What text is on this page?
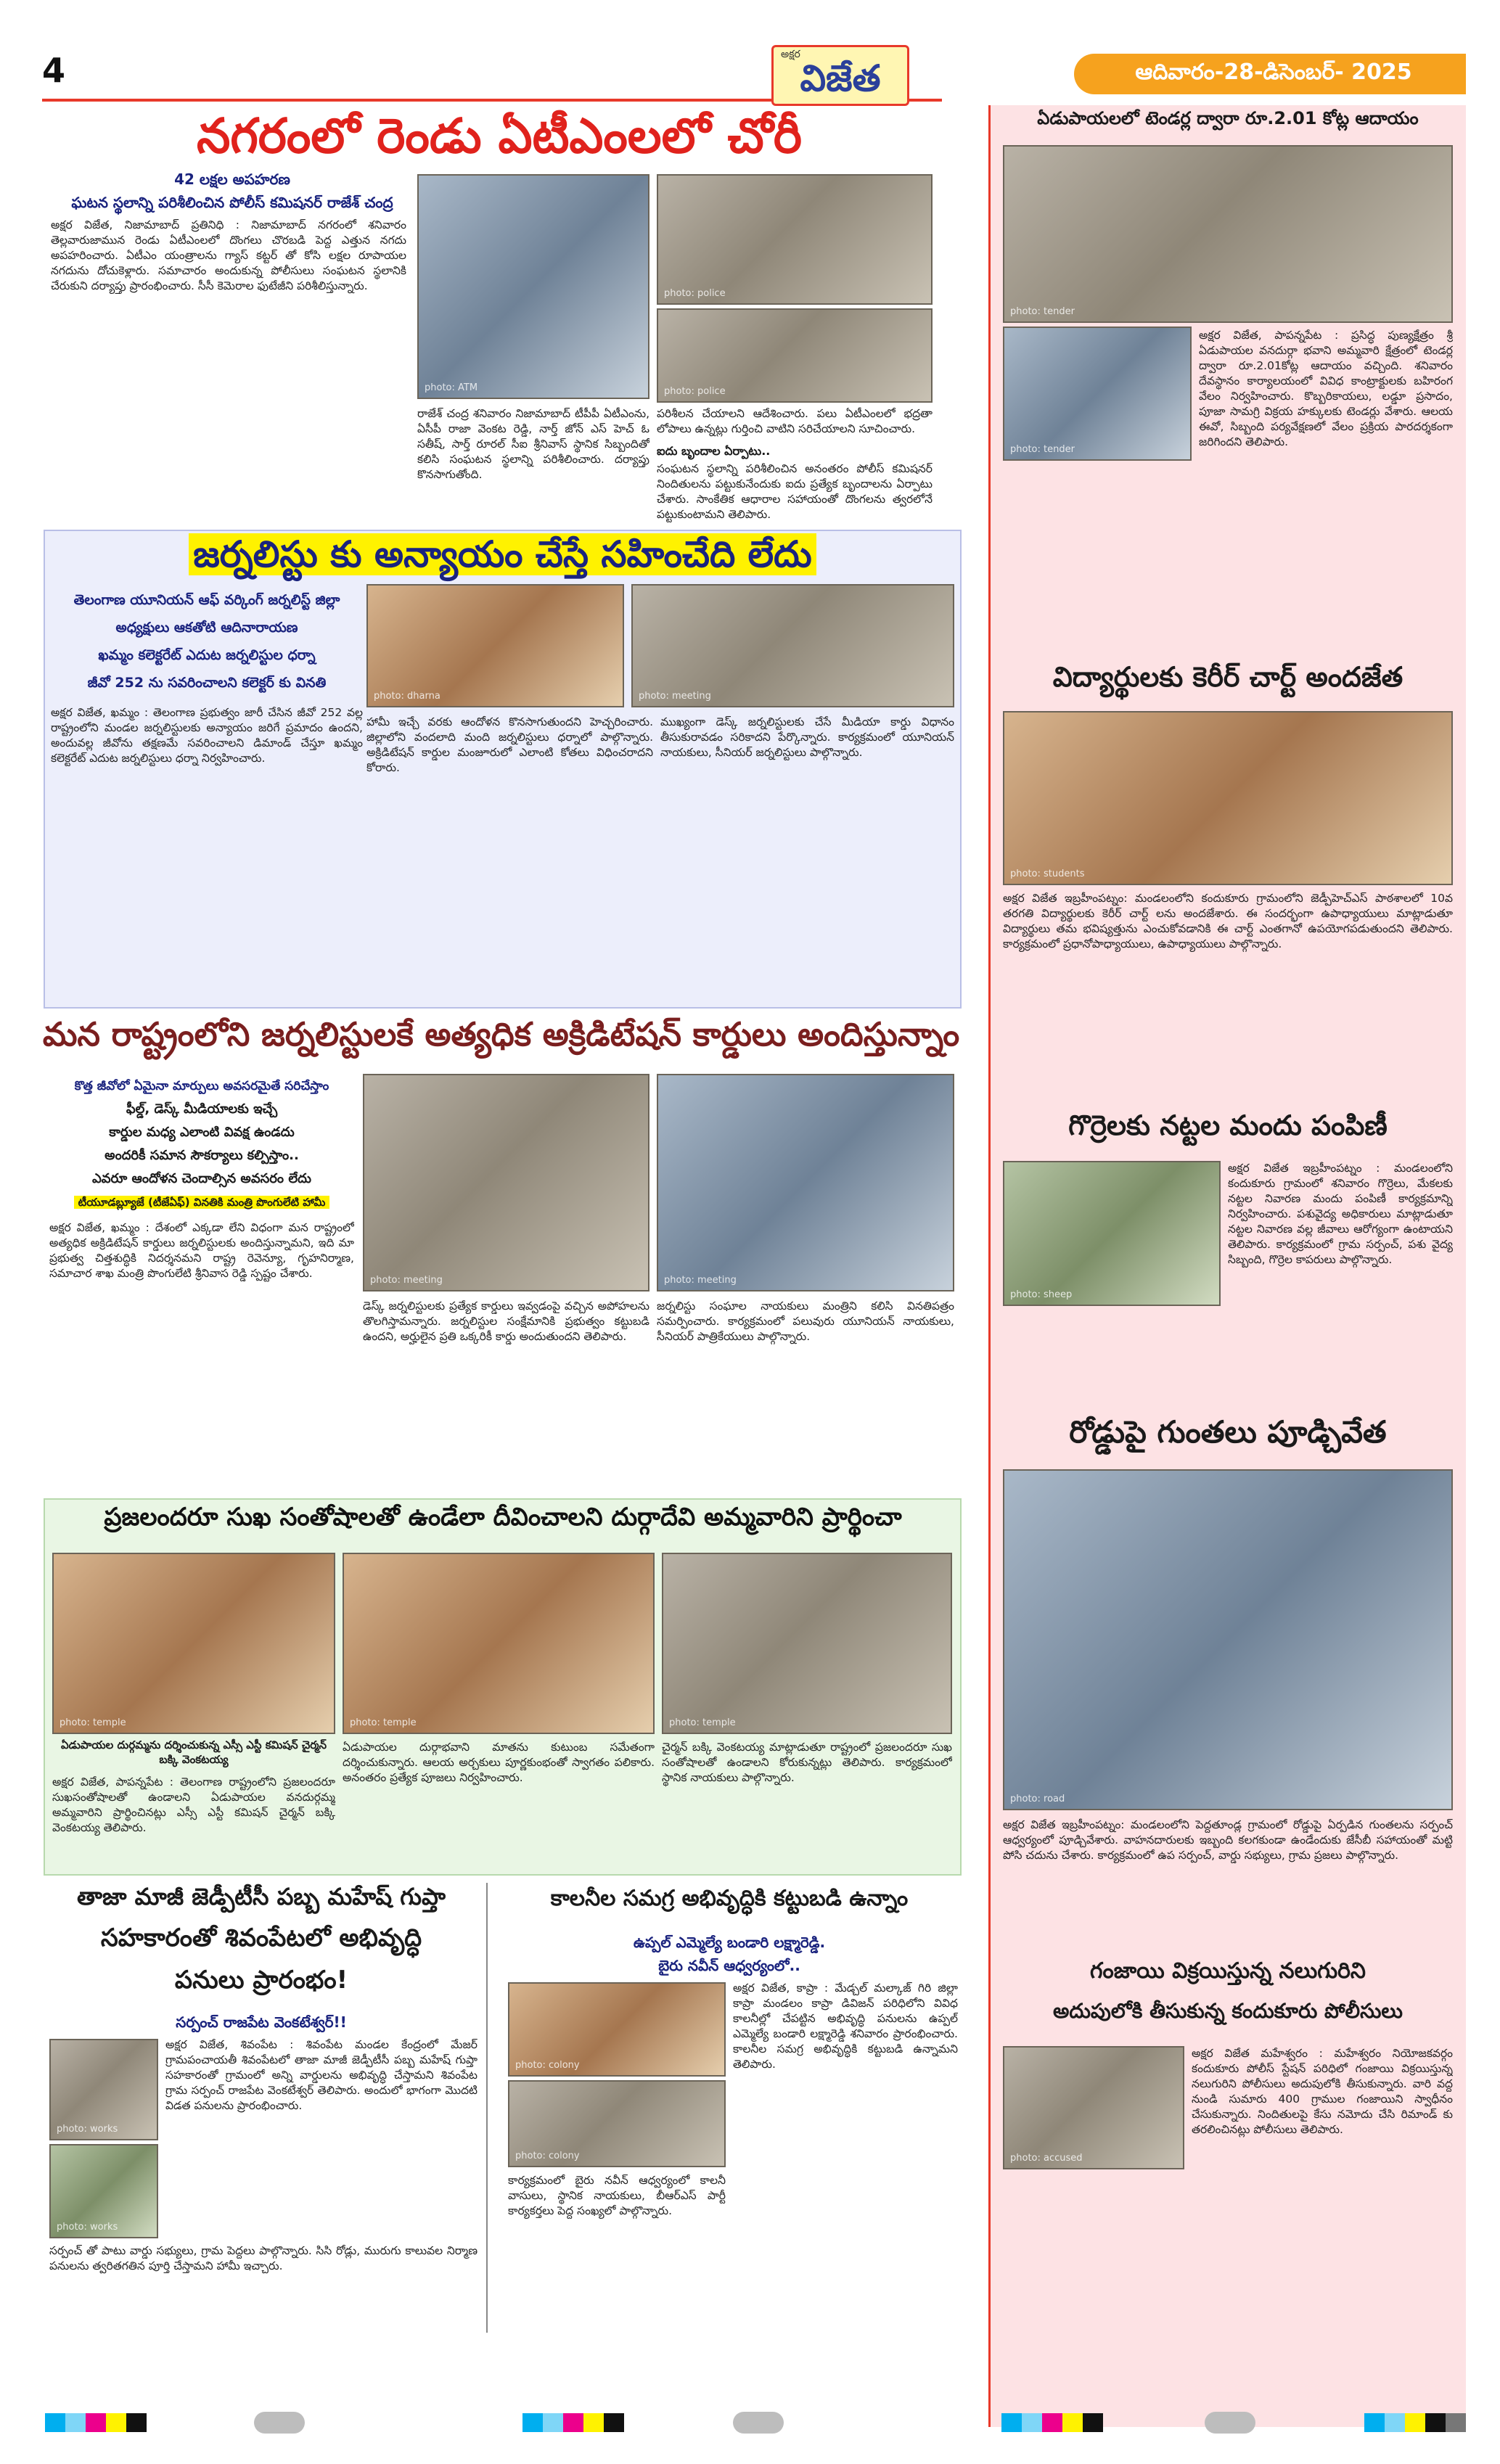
4	అక్షర
విజేత	ఆదివారం-28-డిసెంబర్- 2025
నగరంలో రెండు ఏటీఎంలలో చోరీ
42 లక్షల అపహరణ
ఘటన స్థలాన్ని పరిశీలించిన పోలీస్ కమిషనర్ రాజేశ్ చంద్ర
అక్షర విజేత, నిజామాబాద్ ప్రతినిధి : నిజామాబాద్ నగరంలో శనివారం తెల్లవారుజామున రెండు ఏటీఎంలలో దొంగలు చొరబడి పెద్ద ఎత్తున నగదు అపహరించారు. ఏటీఎం యంత్రాలను గ్యాస్ కట్టర్ తో కోసి లక్షల రూపాయల నగదును దోచుకెళ్లారు. సమాచారం అందుకున్న పోలీసులు సంఘటన స్థలానికి చేరుకుని దర్యాప్తు ప్రారంభించారు. సీసీ కెమెరాల ఫుటేజీని పరిశీలిస్తున్నారు.
photo: ATM
photo: police
photo: police
రాజేశ్ చంద్ర శనివారం నిజామాబాద్ టీపీపీ ఏటీఎంను, ఏసీపీ రాజా వెంకట రెడ్డి, నార్త్ జోన్ ఎస్ హెచ్ ఓ సతీష్, సార్త్ రూరల్ సీఐ శ్రీనివాస్ స్థానిక సిబ్బందితో కలిసి సంఘటన స్థలాన్ని పరిశీలించారు. దర్యాప్తు కొనసాగుతోంది.
పరిశీలన చేయాలని ఆదేశించారు. పలు ఏటీఎంలలో భద్రతా లోపాలు ఉన్నట్లు గుర్తించి వాటిని సరిచేయాలని సూచించారు.
ఐదు బృందాల ఏర్పాటు..
సంఘటన స్థలాన్ని పరిశీలించిన అనంతరం పోలీస్ కమిషనర్ నిందితులను పట్టుకునేందుకు ఐదు ప్రత్యేక బృందాలను ఏర్పాటు చేశారు. సాంకేతిక ఆధారాల సహాయంతో దొంగలను త్వరలోనే పట్టుకుంటామని తెలిపారు.
జర్నలిస్టు కు అన్యాయం చేస్తే సహించేది లేదు
తెలంగాణ యూనియన్ ఆఫ్ వర్కింగ్ జర్నలిస్ట్ జిల్లా
అధ్యక్షులు ఆకతోటి ఆదినారాయణ
ఖమ్మం కలెక్టరేట్ ఎదుట జర్నలిస్టుల ధర్నా
జీవో 252 ను సవరించాలని కలెక్టర్ కు వినతి
photo: dharna	photo: meeting
అక్షర విజేత, ఖమ్మం : తెలంగాణ ప్రభుత్వం జారీ చేసిన జీవో 252 వల్ల రాష్ట్రంలోని మండల జర్నలిస్టులకు అన్యాయం జరిగే ప్రమాదం ఉందని, అందువల్ల జీవోను తక్షణమే సవరించాలని డిమాండ్ చేస్తూ ఖమ్మం కలెక్టరేట్ ఎదుట జర్నలిస్టులు ధర్నా నిర్వహించారు.
హామీ ఇచ్చే వరకు ఆందోళన కొనసాగుతుందని హెచ్చరించారు. జిల్లాలోని వందలాది మంది జర్నలిస్టులు ధర్నాలో పాల్గొన్నారు. అక్రిడిటేషన్ కార్డుల మంజూరులో ఎలాంటి కోతలు విధించరాదని కోరారు.
ముఖ్యంగా డెస్క్ జర్నలిస్టులకు చేసే మీడియా కార్డు విధానం తీసుకురావడం సరికాదని పేర్కొన్నారు. కార్యక్రమంలో యూనియన్ నాయకులు, సీనియర్ జర్నలిస్టులు పాల్గొన్నారు.
మన రాష్ట్రంలోని జర్నలిస్టులకే అత్యధిక అక్రిడిటేషన్ కార్డులు అందిస్తున్నాం
కొత్త జీవోలో ఏమైనా మార్పులు అవసరమైతే సరిచేస్తాం
ఫీల్డ్, డెస్క్ మీడియాలకు ఇచ్చే
కార్డుల మధ్య ఎలాంటి వివక్ష ఉండదు
అందరికీ సమాన సౌకర్యాలు కల్పిస్తాం..
ఎవరూ ఆందోళన చెందాల్సిన అవసరం లేదు
టీయూడబ్ల్యూజే (టీజేఏఫ్) వినతికి మంత్రి పొంగులేటి హామీ
అక్షర విజేత, ఖమ్మం : దేశంలో ఎక్కడా లేని విధంగా మన రాష్ట్రంలో అత్యధిక అక్రిడిటేషన్ కార్డులు జర్నలిస్టులకు అందిస్తున్నామని, ఇది మా ప్రభుత్వ చిత్తశుద్ధికి నిదర్శనమని రాష్ట్ర రెవెన్యూ, గృహనిర్మాణ, సమాచార శాఖ మంత్రి పొంగులేటి శ్రీనివాస రెడ్డి స్పష్టం చేశారు.
photo: meeting	photo: meeting
డెస్క్ జర్నలిస్టులకు ప్రత్యేక కార్డులు ఇవ్వడంపై వచ్చిన అపోహలను తొలగిస్తామన్నారు. జర్నలిస్టుల సంక్షేమానికి ప్రభుత్వం కట్టుబడి ఉందని, అర్హులైన ప్రతి ఒక్కరికీ కార్డు అందుతుందని తెలిపారు.
జర్నలిస్టు సంఘాల నాయకులు మంత్రిని కలిసి వినతిపత్రం సమర్పించారు. కార్యక్రమంలో పలువురు యూనియన్ నాయకులు, సీనియర్ పాత్రికేయులు పాల్గొన్నారు.
ప్రజలందరూ సుఖ సంతోషాలతో ఉండేలా దీవించాలని దుర్గాదేవి అమ్మవారిని ప్రార్థించా
photo: temple	photo: temple	photo: temple
ఏడుపాయల దుర్గమ్మను దర్శించుకున్న ఎస్సీ ఎస్టీ కమిషన్ చైర్మన్ బక్కి వెంకటయ్య
అక్షర విజేత, పాపన్నపేట : తెలంగాణ రాష్ట్రంలోని ప్రజలందరూ సుఖసంతోషాలతో ఉండాలని ఏడుపాయల వనదుర్గమ్మ అమ్మవారిని ప్రార్థించినట్లు ఎస్సీ ఎస్టీ కమిషన్ చైర్మన్ బక్కి వెంకటయ్య తెలిపారు.
ఏడుపాయల దుర్గాభవాని మాతను కుటుంబ సమేతంగా దర్శించుకున్నారు. ఆలయ అర్చకులు పూర్ణకుంభంతో స్వాగతం పలికారు. అనంతరం ప్రత్యేక పూజలు నిర్వహించారు.
చైర్మన్ బక్కి వెంకటయ్య మాట్లాడుతూ రాష్ట్రంలో ప్రజలందరూ సుఖ సంతోషాలతో ఉండాలని కోరుకున్నట్లు తెలిపారు. కార్యక్రమంలో స్థానిక నాయకులు పాల్గొన్నారు.
తాజా మాజీ జెడ్పీటీసీ పబ్బ మహేష్ గుప్తా
సహకారంతో శివంపేటలో అభివృద్ధి
పనులు ప్రారంభం!
సర్పంచ్ రాజపేట వెంకటేశ్వర్!!
photo: works
photo: works
అక్షర విజేత, శివంపేట : శివంపేట మండల కేంద్రంలో మేజర్ గ్రామపంచాయతీ శివంపేటలో తాజా మాజీ జెడ్పీటీసీ పబ్బ మహేష్ గుప్తా సహకారంతో గ్రామంలో అన్ని వార్డులను అభివృద్ధి చేస్తామని శివంపేట గ్రామ సర్పంచ్ రాజపేట వెంకటేశ్వర్ తెలిపారు. అందులో భాగంగా మొదటి విడత పనులను ప్రారంభించారు.
సర్పంచ్ తో పాటు వార్డు సభ్యులు, గ్రామ పెద్దలు పాల్గొన్నారు. సిసి రోడ్లు, మురుగు కాలువల నిర్మాణ పనులను త్వరితగతిన పూర్తి చేస్తామని హామీ ఇచ్చారు.
కాలనీల సమగ్ర అభివృద్ధికి కట్టుబడి ఉన్నాం
ఉప్పల్ ఎమ్మెల్యే బండారి లక్ష్మారెడ్డి.
బైరు నవీన్ ఆధ్వర్యంలో..
photo: colony
photo: colony
అక్షర విజేత, కాప్రా : మేడ్చల్ మల్కాజ్ గిరి జిల్లా కాప్రా మండలం కాప్రా డివిజన్ పరిధిలోని వివిధ కాలనీల్లో చేపట్టిన అభివృద్ధి పనులను ఉప్పల్ ఎమ్మెల్యే బండారి లక్ష్మారెడ్డి శనివారం ప్రారంభించారు. కాలనీల సమగ్ర అభివృద్ధికి కట్టుబడి ఉన్నామని తెలిపారు.
కార్యక్రమంలో బైరు నవీన్ ఆధ్వర్యంలో కాలనీ వాసులు, స్థానిక నాయకులు, బీఆర్ఎస్ పార్టీ కార్యకర్తలు పెద్ద సంఖ్యలో పాల్గొన్నారు.
ఏడుపాయలలో టెండర్ల ద్వారా రూ.2.01 కోట్ల ఆదాయం
photo: tender
photo: tender
అక్షర విజేత, పాపన్నపేట : ప్రసిద్ధ పుణ్యక్షేత్రం శ్రీ ఏడుపాయల వనదుర్గా భవాని అమ్మవారి క్షేత్రంలో టెండర్ల ద్వారా రూ.2.01కోట్ల ఆదాయం వచ్చింది. శనివారం దేవస్థానం కార్యాలయంలో వివిధ కాంట్రాక్టులకు బహిరంగ వేలం నిర్వహించారు. కొబ్బరికాయలు, లడ్డూ ప్రసాదం, పూజా సామగ్రి విక్రయ హక్కులకు టెండర్లు వేశారు. ఆలయ ఈవో, సిబ్బంది పర్యవేక్షణలో వేలం ప్రక్రియ పారదర్శకంగా జరిగిందని తెలిపారు.
విద్యార్థులకు కెరీర్ చార్ట్ అందజేత
photo: students
అక్షర విజేత ఇబ్రహీంపట్నం: మండలంలోని కందుకూరు గ్రామంలోని జెడ్పీహెచ్ఎస్ పాఠశాలలో 10వ తరగతి విద్యార్థులకు కెరీర్ చార్ట్ లను అందజేశారు. ఈ సందర్భంగా ఉపాధ్యాయులు మాట్లాడుతూ విద్యార్థులు తమ భవిష్యత్తును ఎంచుకోవడానికి ఈ చార్ట్ ఎంతగానో ఉపయోగపడుతుందని తెలిపారు. కార్యక్రమంలో ప్రధానోపాధ్యాయులు, ఉపాధ్యాయులు పాల్గొన్నారు.
గొర్రెలకు నట్టల మందు పంపిణీ
photo: sheep
అక్షర విజేత ఇబ్రహీంపట్నం : మండలంలోని కందుకూరు గ్రామంలో శనివారం గొర్రెలు, మేకలకు నట్టల నివారణ మందు పంపిణీ కార్యక్రమాన్ని నిర్వహించారు. పశువైద్య అధికారులు మాట్లాడుతూ నట్టల నివారణ వల్ల జీవాలు ఆరోగ్యంగా ఉంటాయని తెలిపారు. కార్యక్రమంలో గ్రామ సర్పంచ్, పశు వైద్య సిబ్బంది, గొర్రెల కాపరులు పాల్గొన్నారు.
రోడ్డుపై గుంతలు పూడ్చివేత
photo: road
అక్షర విజేత ఇబ్రహీంపట్నం: మండలంలోని పెద్దతూండ్ల గ్రామంలో రోడ్డుపై ఏర్పడిన గుంతలను సర్పంచ్ ఆధ్వర్యంలో పూడ్చివేశారు. వాహనదారులకు ఇబ్బంది కలగకుండా ఉండేందుకు జేసీబీ సహాయంతో మట్టి పోసి చదును చేశారు. కార్యక్రమంలో ఉప సర్పంచ్, వార్డు సభ్యులు, గ్రామ ప్రజలు పాల్గొన్నారు.
గంజాయి విక్రయిస్తున్న నలుగురిని
అదుపులోకి తీసుకున్న కందుకూరు పోలీసులు
photo: accused
అక్షర విజేత మహేశ్వరం : మహేశ్వరం నియోజకవర్గం కందుకూరు పోలీస్ స్టేషన్ పరిధిలో గంజాయి విక్రయిస్తున్న నలుగురిని పోలీసులు అదుపులోకి తీసుకున్నారు. వారి వద్ద నుండి సుమారు 400 గ్రాముల గంజాయిని స్వాధీనం చేసుకున్నారు. నిందితులపై కేసు నమోదు చేసి రిమాండ్ కు తరలించినట్లు పోలీసులు తెలిపారు.
